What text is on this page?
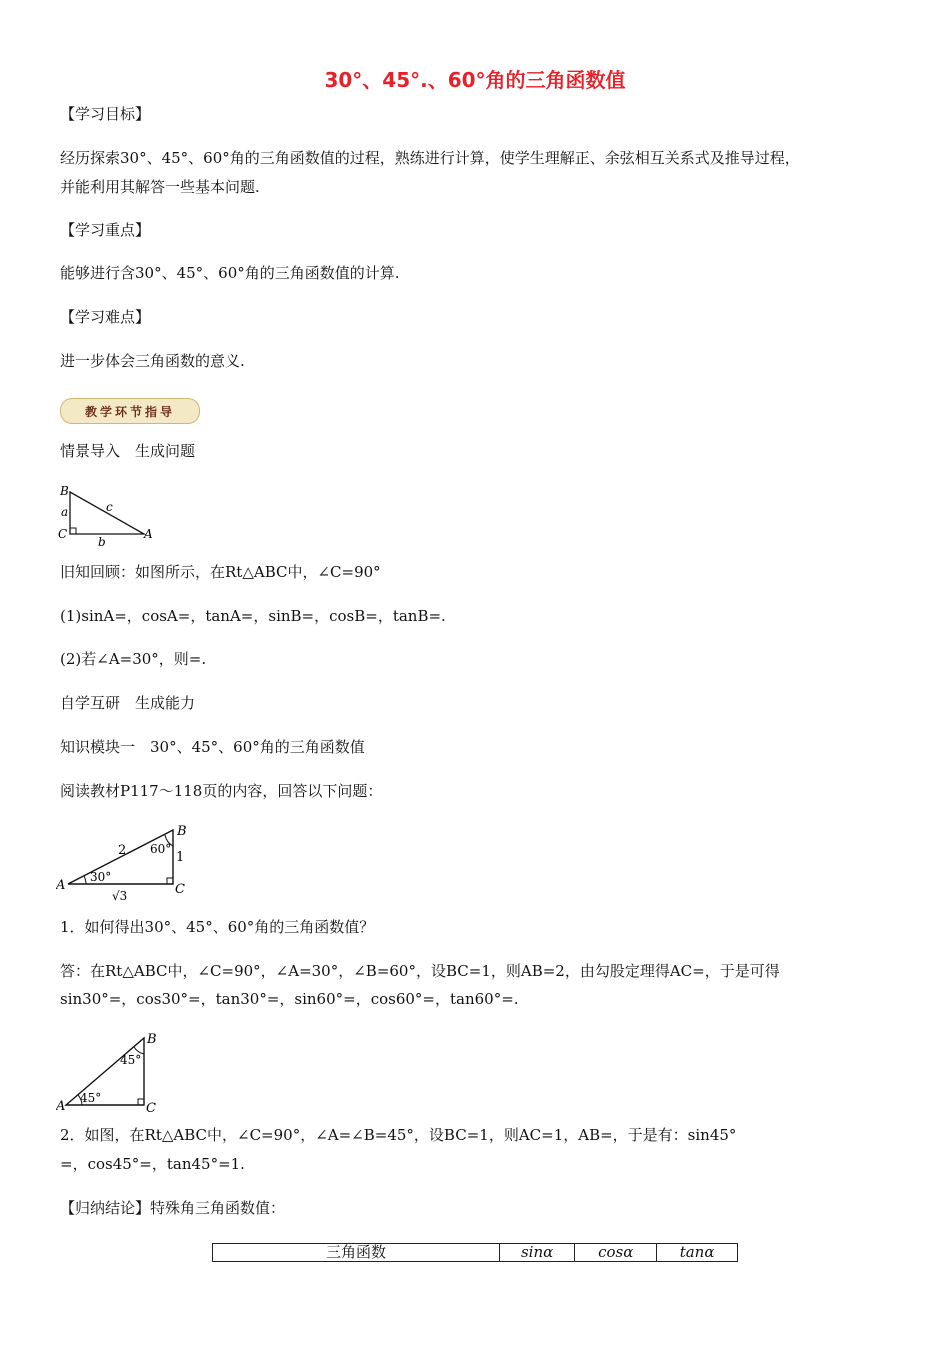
30°、45°.、60°角的三角函数值
【学习目标】
经历探索30°、45°、60°角的三角函数值的过程，熟练进行计算，使学生理解正、余弦相互关系式及推导过程，
并能利用其解答一些基本问题.
【学习重点】
能够进行含30°、45°、60°角的三角函数值的计算.
【学习难点】
进一步体会三角函数的意义.
教学环节指导
情景导入　生成问题
B
C	A
a
b
c
旧知回顾：如图所示，在Rt△ABC中，∠C=90°
(1)sinA=，cosA=，tanA=，sinB=，cosB=，tanB=.
(2)若∠A=30°，则=.
自学互研　生成能力
知识模块一　30°、45°、60°角的三角函数值
阅读教材P117～118页的内容，回答以下问题：
B
A	C
2	1
60°
30°
√3
1．如何得出30°、45°、60°角的三角函数值？
答：在Rt△ABC中，∠C=90°，∠A=30°，∠B=60°，设BC=1，则AB=2，由勾股定理得AC=，于是可得
sin30°=，cos30°=，tan30°=，sin60°=，cos60°=，tan60°=.
B
A	C
45°
45°
2．如图，在Rt△ABC中，∠C=90°，∠A=∠B=45°，设BC=1，则AC=1，AB=，于是有：sin45°
=，cos45°=，tan45°=1.
【归纳结论】特殊角三角函数值：
三角函数	sinα	cosα	tanα
